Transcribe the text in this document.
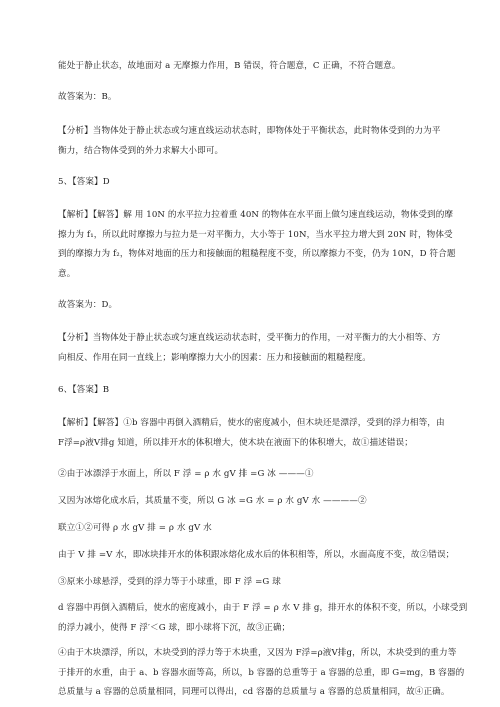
能处于静止状态，故地面对 a 无摩擦力作用，B 错误，符合题意，C 正确，不符合题意。
故答案为：B。
【分析】当物体处于静止状态或匀速直线运动状态时，即物体处于平衡状态，此时物体受到的力为平
衡力，结合物体受到的外力求解大小即可。
5、【答案】D
【解析】【解答】解 用 10N 的水平拉力拉着重 40N 的物体在水平面上做匀速直线运动，物体受到的摩
擦力为 f₁，所以此时摩擦力与拉力是一对平衡力，大小等于 10N，当水平拉力增大到 20N 时，物体受
到的摩擦力为 f₂，物体对地面的压力和接触面的粗糙程度不变，所以摩擦力不变，仍为 10N，D 符合题
意。
故答案为：D。
【分析】当物体处于静止状态或匀速直线运动状态时，受平衡力的作用，一对平衡力的大小相等、方
向相反、作用在同一直线上；影响摩擦力大小的因素：压力和接触面的粗糙程度。
6、【答案】B
【解析】【解答】①b 容器中再倒入酒精后，使水的密度减小，但木块还是漂浮，受到的浮力相等，由
F浮=ρ液V排g 知道，所以排开水的体积增大，使木块在液面下的体积增大，故①描述错误；
②由于冰漂浮于水面上，所以 F 浮 = ρ 水 gV 排 =G 冰 ———①
又因为冰熔化成水后，其质量不变，所以 G 冰 =G 水 = ρ 水 gV 水 ————②
联立①②可得 ρ 水 gV 排 = ρ 水 gV 水
由于 V 排 =V 水，即冰块排开水的体积跟冰熔化成水后的体积相等，所以，水面高度不变，故②错误；
③原来小球悬浮，受到的浮力等于小球重，即 F 浮 =G 球
d 容器中再倒入酒精后，使水的密度减小，由于 F 浮 = ρ 水 V 排 g，排开水的体积不变，所以，小球受到
的浮力减小，使得 F 浮′＜G 球，即小球将下沉，故③正确；
④由于木块漂浮，所以，木块受到的浮力等于木块重，又因为 F浮=ρ液V排g，所以，木块受到的重力等
于排开的水重，由于 a、b 容器水面等高，所以，b 容器的总重等于 a 容器的总重，即 G=mg，B 容器的
总质量与 a 容器的总质量相同，同理可以得出，cd 容器的总质量与 a 容器的总质量相同，故④正确。
